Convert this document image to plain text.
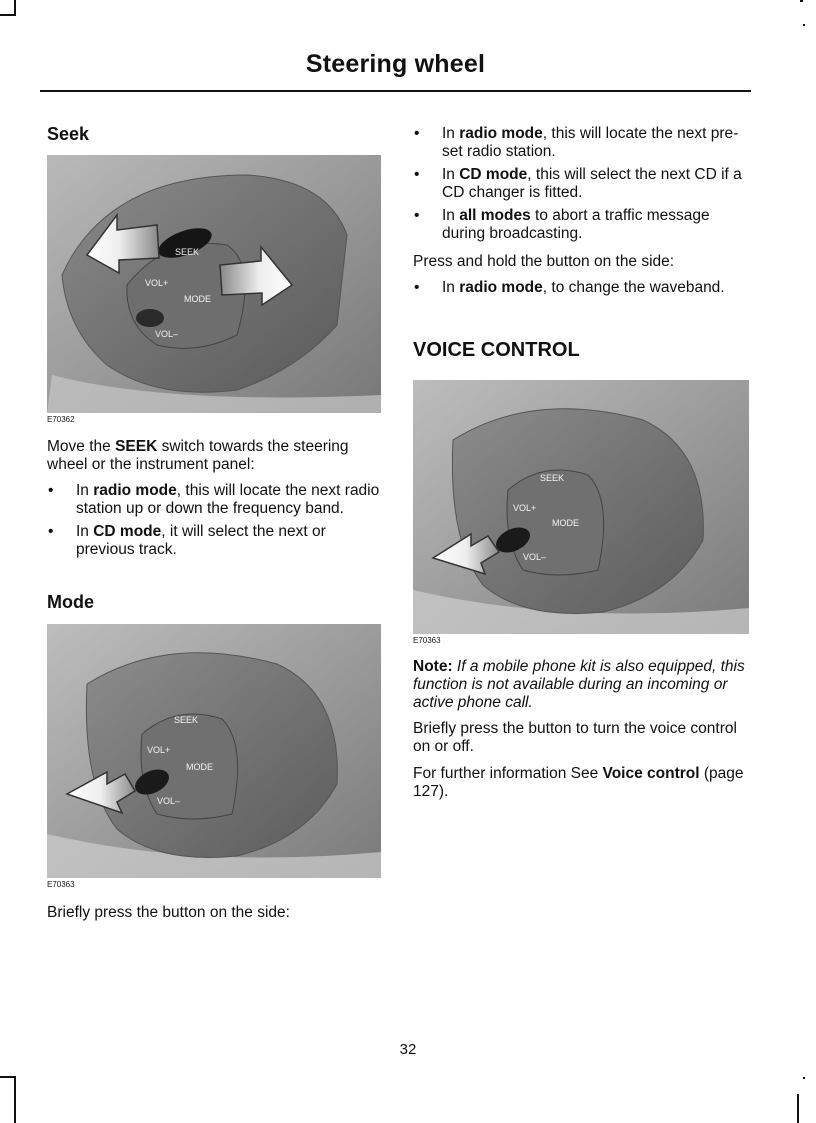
Steering wheel
Seek
SEEK
VOL+
MODE
VOL–
E70362

Move the SEEK switch towards the steering wheel or the instrument panel:

• In radio mode, this will locate the next radio station up or down the frequency band.
• In CD mode, it will select the next or previous track.
Mode
SEEK
VOL+
MODE
VOL–
E70363

Briefly press the button on the side:

• In radio mode, this will locate the next pre-set radio station.
• In CD mode, this will select the next CD if a CD changer is fitted.
• In all modes to abort a traffic message during broadcasting.

Press and hold the button on the side:

• In radio mode, to change the waveband.
VOICE CONTROL
SEEK
VOL+
MODE
VOL–
E70363

Note: If a mobile phone kit is also equipped, this function is not available during an incoming or active phone call.

Briefly press the button to turn the voice control on or off.

For further information See Voice control (page 127).

32
